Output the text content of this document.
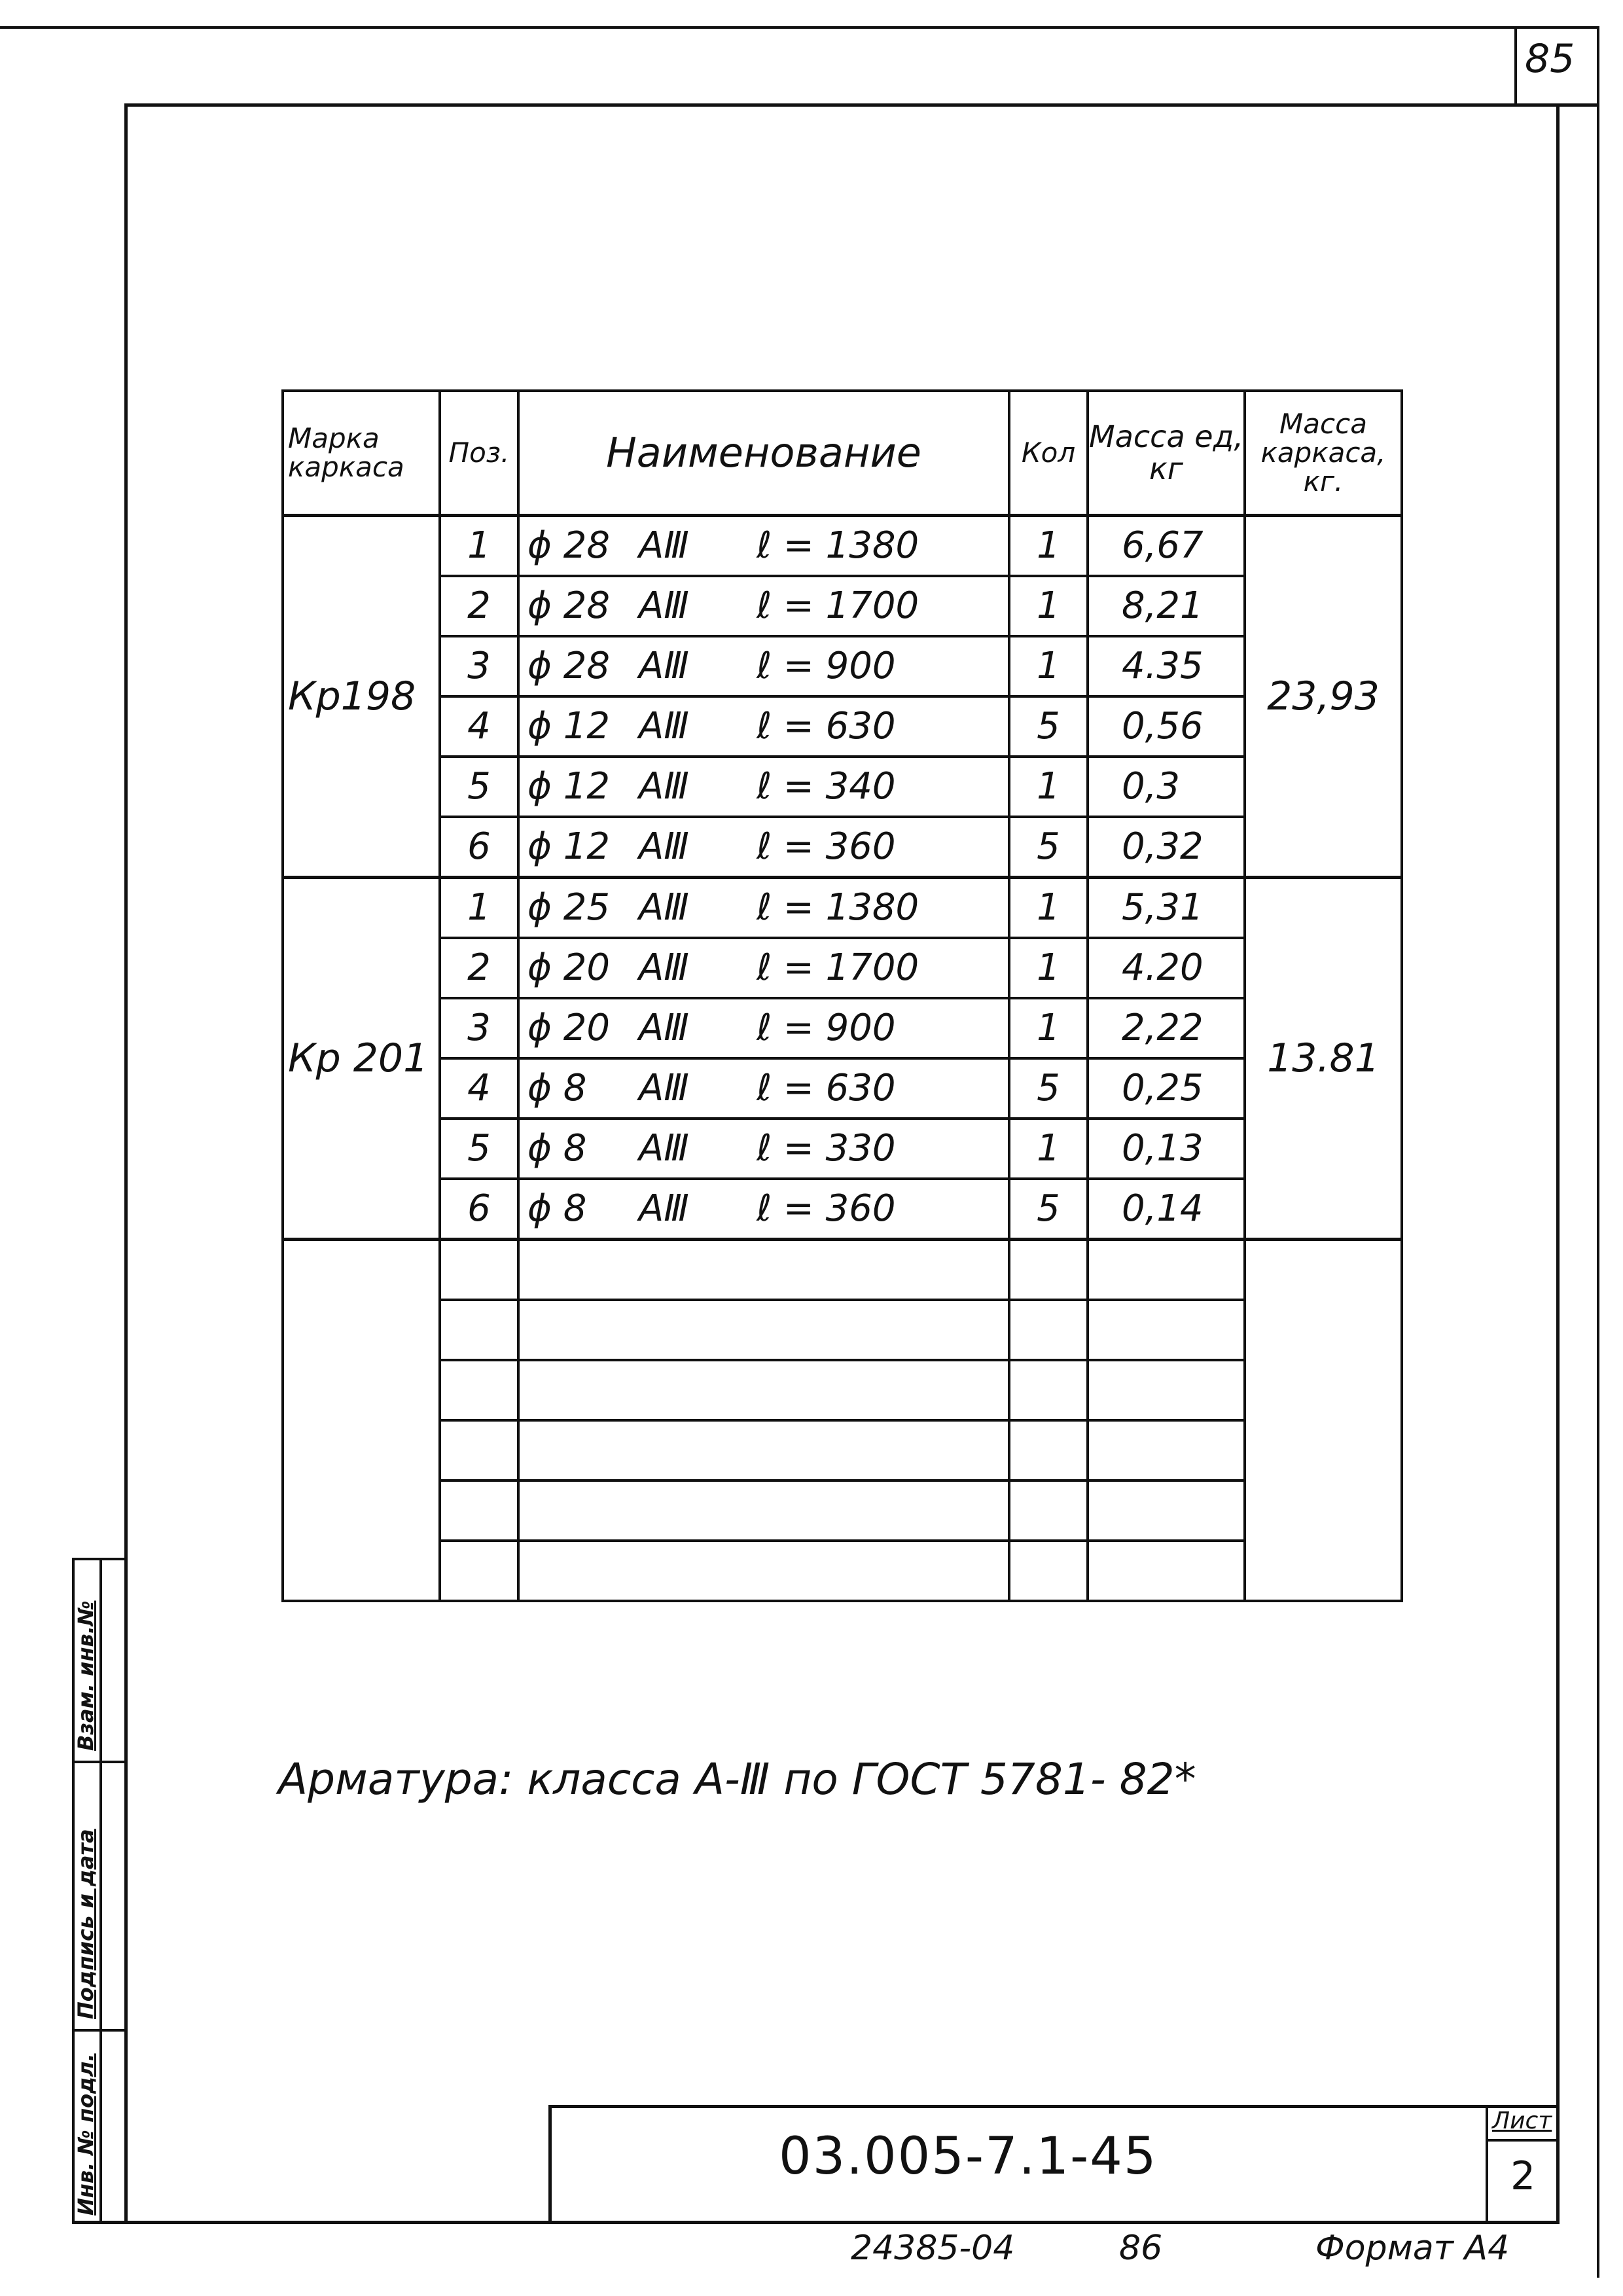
85
Марка каркаса	Поз.	Наименование	Кол	Масса ед, кг	Масса каркаса, кг.
Кр198	1	ϕ 28 АⅢ ℓ = 1380	1	6,67	23,93
	2	ϕ 28 АⅢ ℓ = 1700	1	8,21	
	3	ϕ 28 АⅢ ℓ = 900	1	4.35	
	4	ϕ 12 АⅢ ℓ = 630	5	0,56	
	5	ϕ 12 АⅢ ℓ = 340	1	0,3	
	6	ϕ 12 АⅢ ℓ = 360	5	0,32	
Кр 201	1	ϕ 25 АⅢ ℓ = 1380	1	5,31	13.81
	2	ϕ 20 АⅢ ℓ = 1700	1	4.20	
	3	ϕ 20 АⅢ ℓ = 900	1	2,22	
	4	ϕ 8 АⅢ ℓ = 630	5	0,25	
	5	ϕ 8 АⅢ ℓ = 330	1	0,13	
	6	ϕ 8 АⅢ ℓ = 360	5	0,14	

Арматура: класса А-Ⅲ по ГОСТ 5781- 82*
Взам. инв.№
Подпись и дата
Инв. № подл.	03.005-7.1-45
Лист
2
24385-04	86	Формат А4
